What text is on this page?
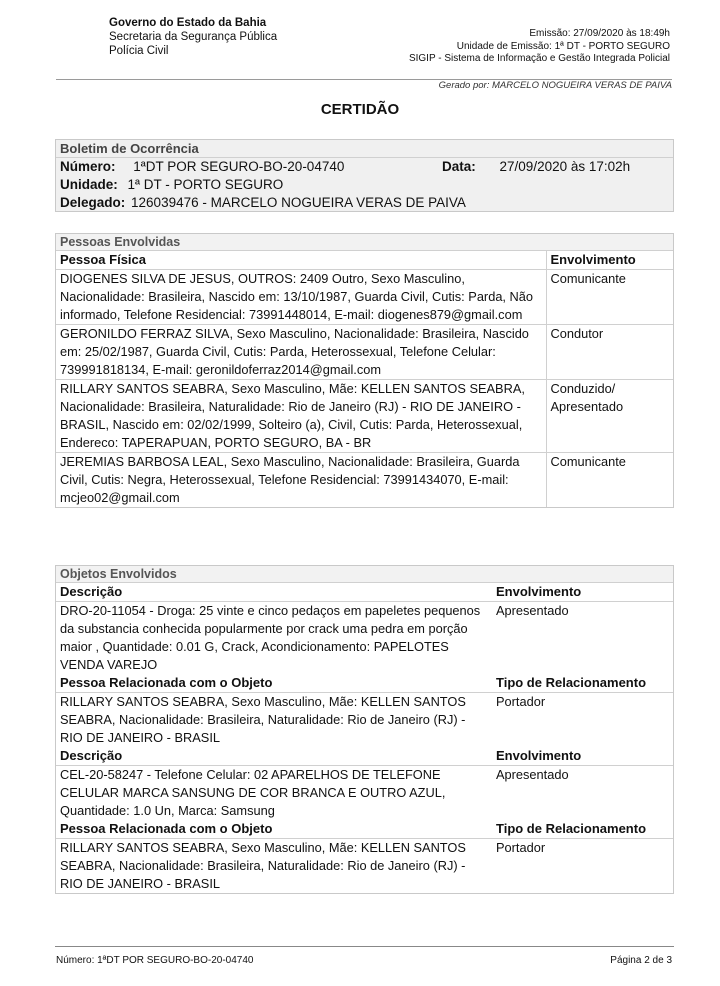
Governo do Estado da Bahia
Secretaria da Segurança Pública
Polícia Civil
Emissão: 27/09/2020 às 18:49h
Unidade de Emissão: 1ª DT - PORTO SEGURO
SIGIP - Sistema de Informação e Gestão Integrada Policial
Gerado por: MARCELO NOGUEIRA VERAS DE PAIVA
CERTIDÃO
Boletim de Ocorrência
Número: 1ªDT POR SEGURO-BO-20-04740	Data: 27/09/2020 às 17:02h
Unidade: 1ª DT - PORTO SEGURO
Delegado: 126039476 - MARCELO NOGUEIRA VERAS DE PAIVA
Pessoas Envolvidas
Pessoa Física	Envolvimento
DIOGENES SILVA DE JESUS, OUTROS: 2409 Outro, Sexo Masculino, Nacionalidade: Brasileira, Nascido em: 13/10/1987, Guarda Civil, Cutis: Parda, Não informado, Telefone Residencial: 73991448014, E-mail: diogenes879@gmail.com	Comunicante
GERONILDO FERRAZ SILVA, Sexo Masculino, Nacionalidade: Brasileira, Nascido em: 25/02/1987, Guarda Civil, Cutis: Parda, Heterossexual, Telefone Celular: 739991818134, E-mail: geronildoferraz2014@gmail.com	Condutor
RILLARY SANTOS SEABRA, Sexo Masculino, Mãe: KELLEN SANTOS SEABRA, Nacionalidade: Brasileira, Naturalidade: Rio de Janeiro (RJ) - RIO DE JANEIRO - BRASIL, Nascido em: 02/02/1999, Solteiro (a), Civil, Cutis: Parda, Heterossexual, Endereco: TAPERAPUAN, PORTO SEGURO, BA - BR	Conduzido/ Apresentado
JEREMIAS BARBOSA LEAL, Sexo Masculino, Nacionalidade: Brasileira, Guarda Civil, Cutis: Negra, Heterossexual, Telefone Residencial: 73991434070, E-mail: mcjeo02@gmail.com	Comunicante
Objetos Envolvidos
Descrição	Envolvimento
DRO-20-11054 - Droga: 25 vinte e cinco pedaços em papeletes pequenos da substancia conhecida popularmente por crack uma pedra em porção maior , Quantidade: 0.01 G, Crack, Acondicionamento: PAPELOTES VENDA VAREJO	Apresentado
Pessoa Relacionada com o Objeto	Tipo de Relacionamento
RILLARY SANTOS SEABRA, Sexo Masculino, Mãe: KELLEN SANTOS SEABRA, Nacionalidade: Brasileira, Naturalidade: Rio de Janeiro (RJ) - RIO DE JANEIRO - BRASIL	Portador
Descrição	Envolvimento
CEL-20-58247 - Telefone Celular: 02 APARELHOS DE TELEFONE CELULAR MARCA SANSUNG DE COR BRANCA E OUTRO AZUL, Quantidade: 1.0 Un, Marca: Samsung	Apresentado
Pessoa Relacionada com o Objeto	Tipo de Relacionamento
RILLARY SANTOS SEABRA, Sexo Masculino, Mãe: KELLEN SANTOS SEABRA, Nacionalidade: Brasileira, Naturalidade: Rio de Janeiro (RJ) - RIO DE JANEIRO - BRASIL	Portador
Número: 1ªDT POR SEGURO-BO-20-04740	Página 2 de 3
